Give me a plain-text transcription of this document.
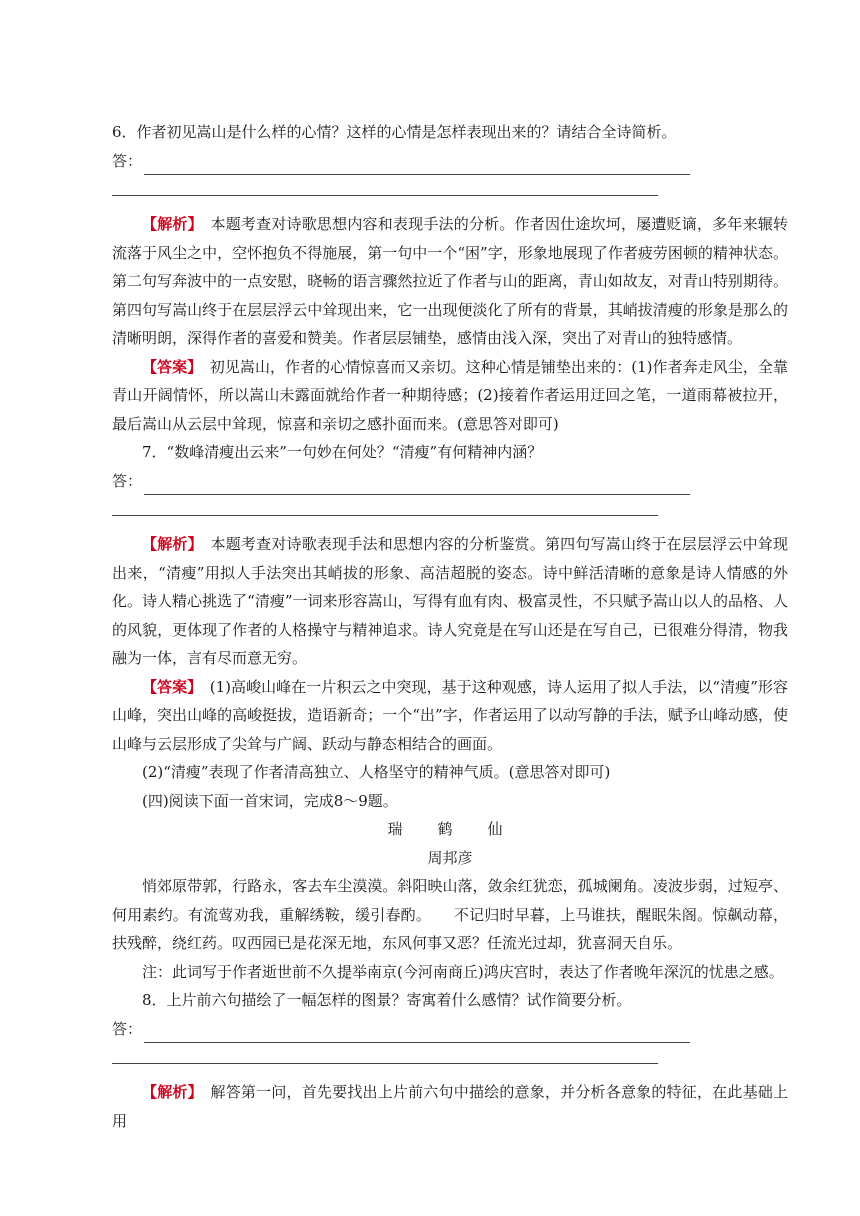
6．作者初见嵩山是什么样的心情？这样的心情是怎样表现出来的？请结合全诗简析。

答：

【解析】　 本题考查对诗歌思想内容和表现手法的分析。作者因仕途坎坷，屡遭贬谪，多年来辗转流落于风尘之中，空怀抱负不得施展，第一句中一个“困”字，形象地展现了作者疲劳困顿的精神状态。第二句写奔波中的一点安慰，晓畅的语言骤然拉近了作者与山的距离，青山如故友，对青山特别期待。第四句写嵩山终于在层层浮云中耸现出来，它一出现便淡化了所有的背景，其峭拔清瘦的形象是那么的清晰明朗，深得作者的喜爱和赞美。作者层层铺垫，感情由浅入深，突出了对青山的独特感情。

【答案】　 初见嵩山，作者的心情惊喜而又亲切。这种心情是铺垫出来的：(1)作者奔走风尘，全靠青山开阔情怀，所以嵩山未露面就给作者一种期待感；(2)接着作者运用迂回之笔，一道雨幕被拉开，最后嵩山从云层中耸现，惊喜和亲切之感扑面而来。(意思答对即可)

7．“数峰清瘦出云来”一句妙在何处？“清瘦”有何精神内涵？

答：

【解析】　 本题考查对诗歌表现手法和思想内容的分析鉴赏。第四句写嵩山终于在层层浮云中耸现出来，“清瘦”用拟人手法突出其峭拔的形象、高洁超脱的姿态。诗中鲜活清晰的意象是诗人情感的外化。诗人精心挑选了“清瘦”一词来形容嵩山，写得有血有肉、极富灵性，不只赋予嵩山以人的品格、人的风貌，更体现了作者的人格操守与精神追求。诗人究竟是在写山还是在写自己，已很难分得清，物我融为一体，言有尽而意无穷。

【答案】　 (1)高峻山峰在一片积云之中突现，基于这种观感，诗人运用了拟人手法，以“清瘦”形容山峰，突出山峰的高峻挺拔，造语新奇；一个“出”字，作者运用了以动写静的手法，赋予山峰动感，使山峰与云层形成了尖耸与广阔、跃动与静态相结合的画面。

(2)“清瘦”表现了作者清高独立、人格坚守的精神气质。(意思答对即可)

(四)阅读下面一首宋词，完成8～9题。

瑞　鹤　仙

周邦彦

悄郊原带郭，行路永，客去车尘漠漠。斜阳映山落，敛余红犹恋，孤城阑角。凌波步弱，过短亭、何用素约。有流莺劝我，重解绣鞍，缓引春酌。　　不记归时早暮，上马谁扶，醒眠朱阁。惊飙动幕，扶残醉，绕红药。叹西园已是花深无地，东风何事又恶？任流光过却，犹喜洞天自乐。

注：此词写于作者逝世前不久提举南京(今河南商丘)鸿庆宫时，表达了作者晚年深沉的忧患之感。

8．上片前六句描绘了一幅怎样的图景？寄寓着什么感情？试作简要分析。

答：

【解析】　 解答第一问，首先要找出上片前六句中描绘的意象，并分析各意象的特征，在此基础上用
